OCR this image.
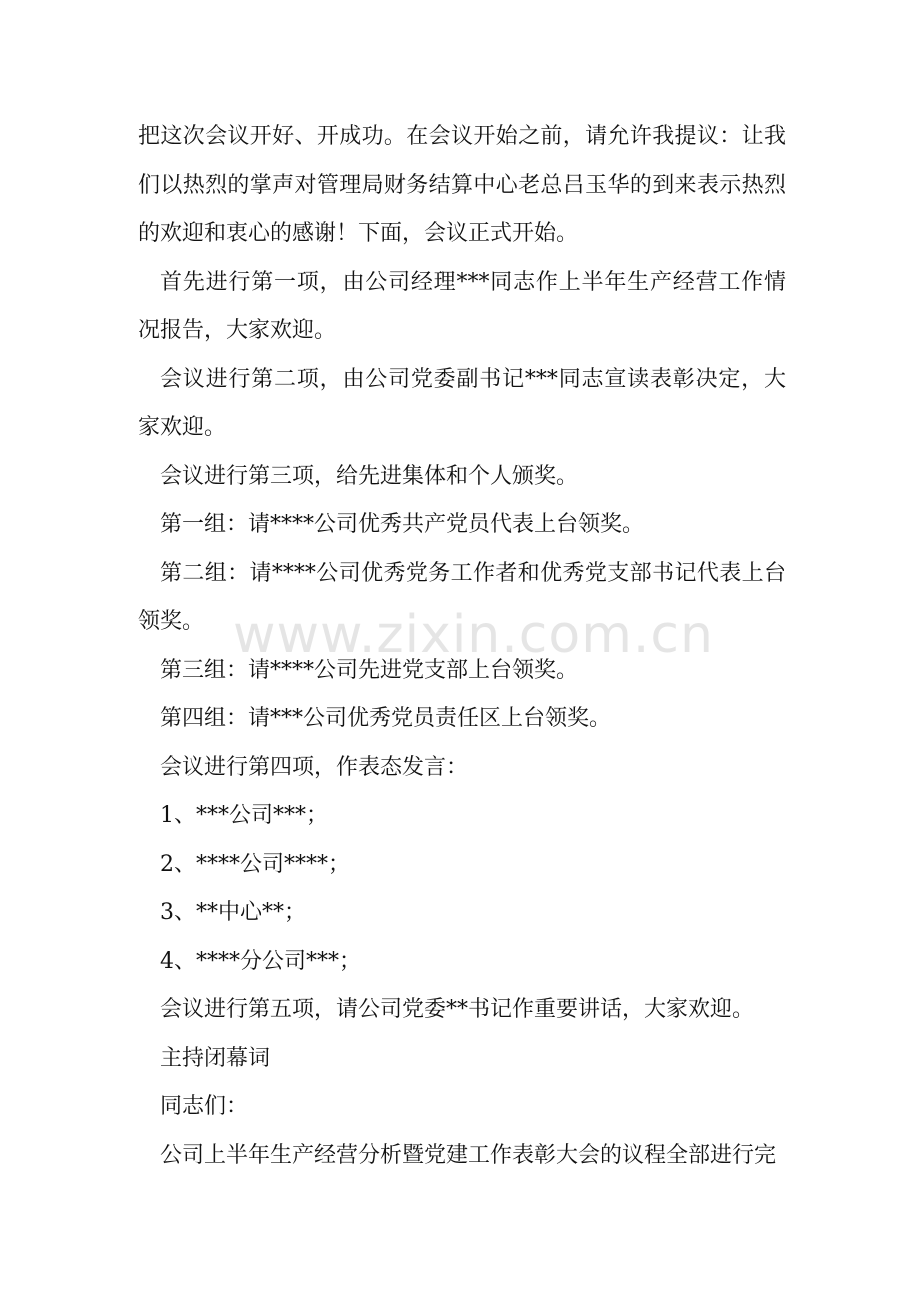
把这次会议开好、开成功。在会议开始之前，请允许我提议：让我们以热烈的掌声对管理局财务结算中心老总吕玉华的到来表示热烈的欢迎和衷心的感谢！下面，会议正式开始。

首先进行第一项，由公司经理***同志作上半年生产经营工作情况报告，大家欢迎。

会议进行第二项，由公司党委副书记***同志宣读表彰决定，大家欢迎。

会议进行第三项，给先进集体和个人颁奖。

第一组：请****公司优秀共产党员代表上台领奖。

第二组：请****公司优秀党务工作者和优秀党支部书记代表上台领奖。

第三组：请****公司先进党支部上台领奖。

第四组：请***公司优秀党员责任区上台领奖。

会议进行第四项，作表态发言：

1、***公司***；

2、****公司****；

3、**中心**；

4、****分公司***；

会议进行第五项，请公司党委**书记作重要讲话，大家欢迎。

主持闭幕词

同志们：

公司上半年生产经营分析暨党建工作表彰大会的议程全部进行完

www.zixin.com.cn
